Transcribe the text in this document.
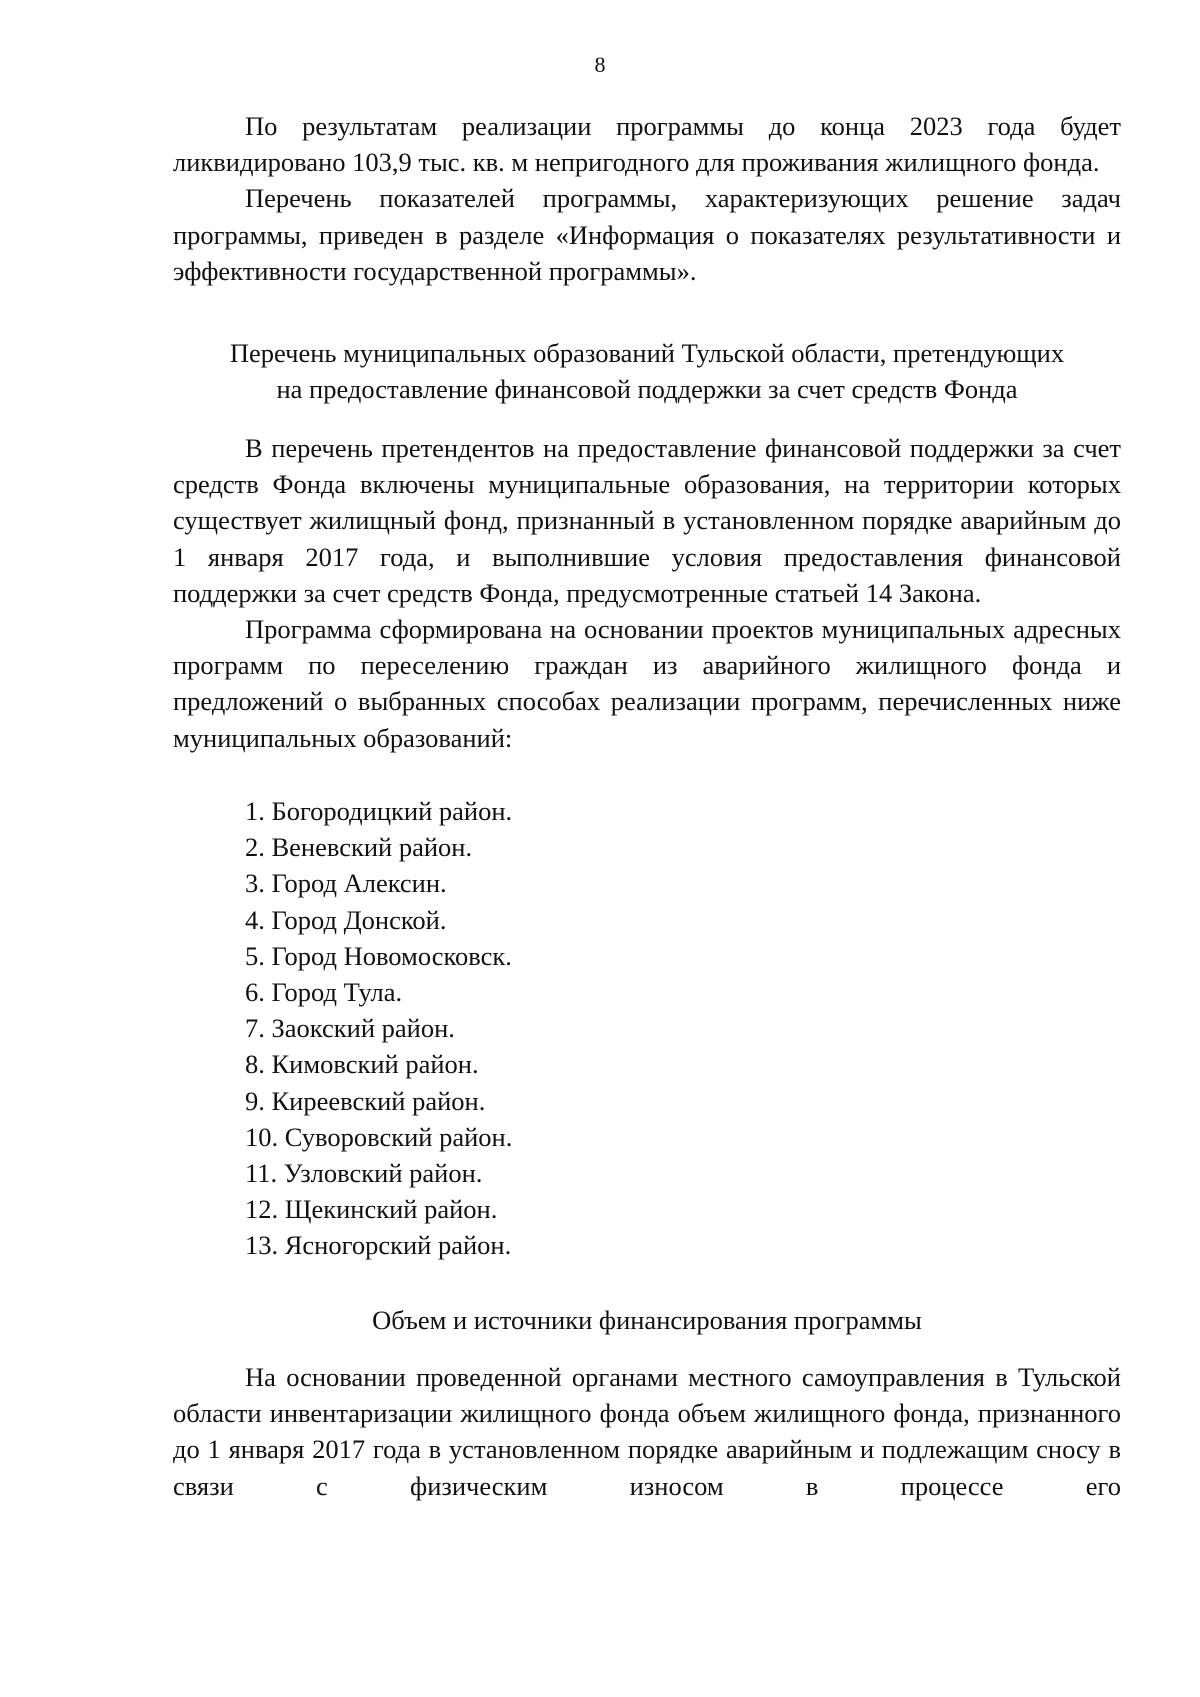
8

По результатам реализации программы до конца 2023 года будет ликвидировано 103,9 тыс. кв. м непригодного для проживания жилищного фонда.

Перечень показателей программы, характеризующих решение задач программы, приведен в разделе «Информация о показателях результативности и эффективности государственной программы».

Перечень муниципальных образований Тульской области, претендующих

на предоставление финансовой поддержки за счет средств Фонда

В перечень претендентов на предоставление финансовой поддержки за счет средств Фонда включены муниципальные образования, на территории которых существует жилищный фонд, признанный в установленном порядке аварийным до 1 января 2017 года, и выполнившие условия предоставления финансовой поддержки за счет средств Фонда, предусмотренные статьей 14 Закона.

Программа сформирована на основании проектов муниципальных адресных программ по переселению граждан из аварийного жилищного фонда и предложений о выбранных способах реализации программ, перечисленных ниже муниципальных образований:

1. Богородицкий район.
2. Веневский район.
3. Город Алексин.
4. Город Донской.
5. Город Новомосковск.
6. Город Тула.
7. Заокский район.
8. Кимовский район.
9. Киреевский район.
10. Суворовский район.
11. Узловский район.
12. Щекинский район.
13. Ясногорский район.

Объем и источники финансирования программы

На основании проведенной органами местного самоуправления в Тульской области инвентаризации жилищного фонда объем жилищного фонда, признанного до 1 января 2017 года в установленном порядке аварийным и подлежащим сносу в связи с физическим износом в процессе его
